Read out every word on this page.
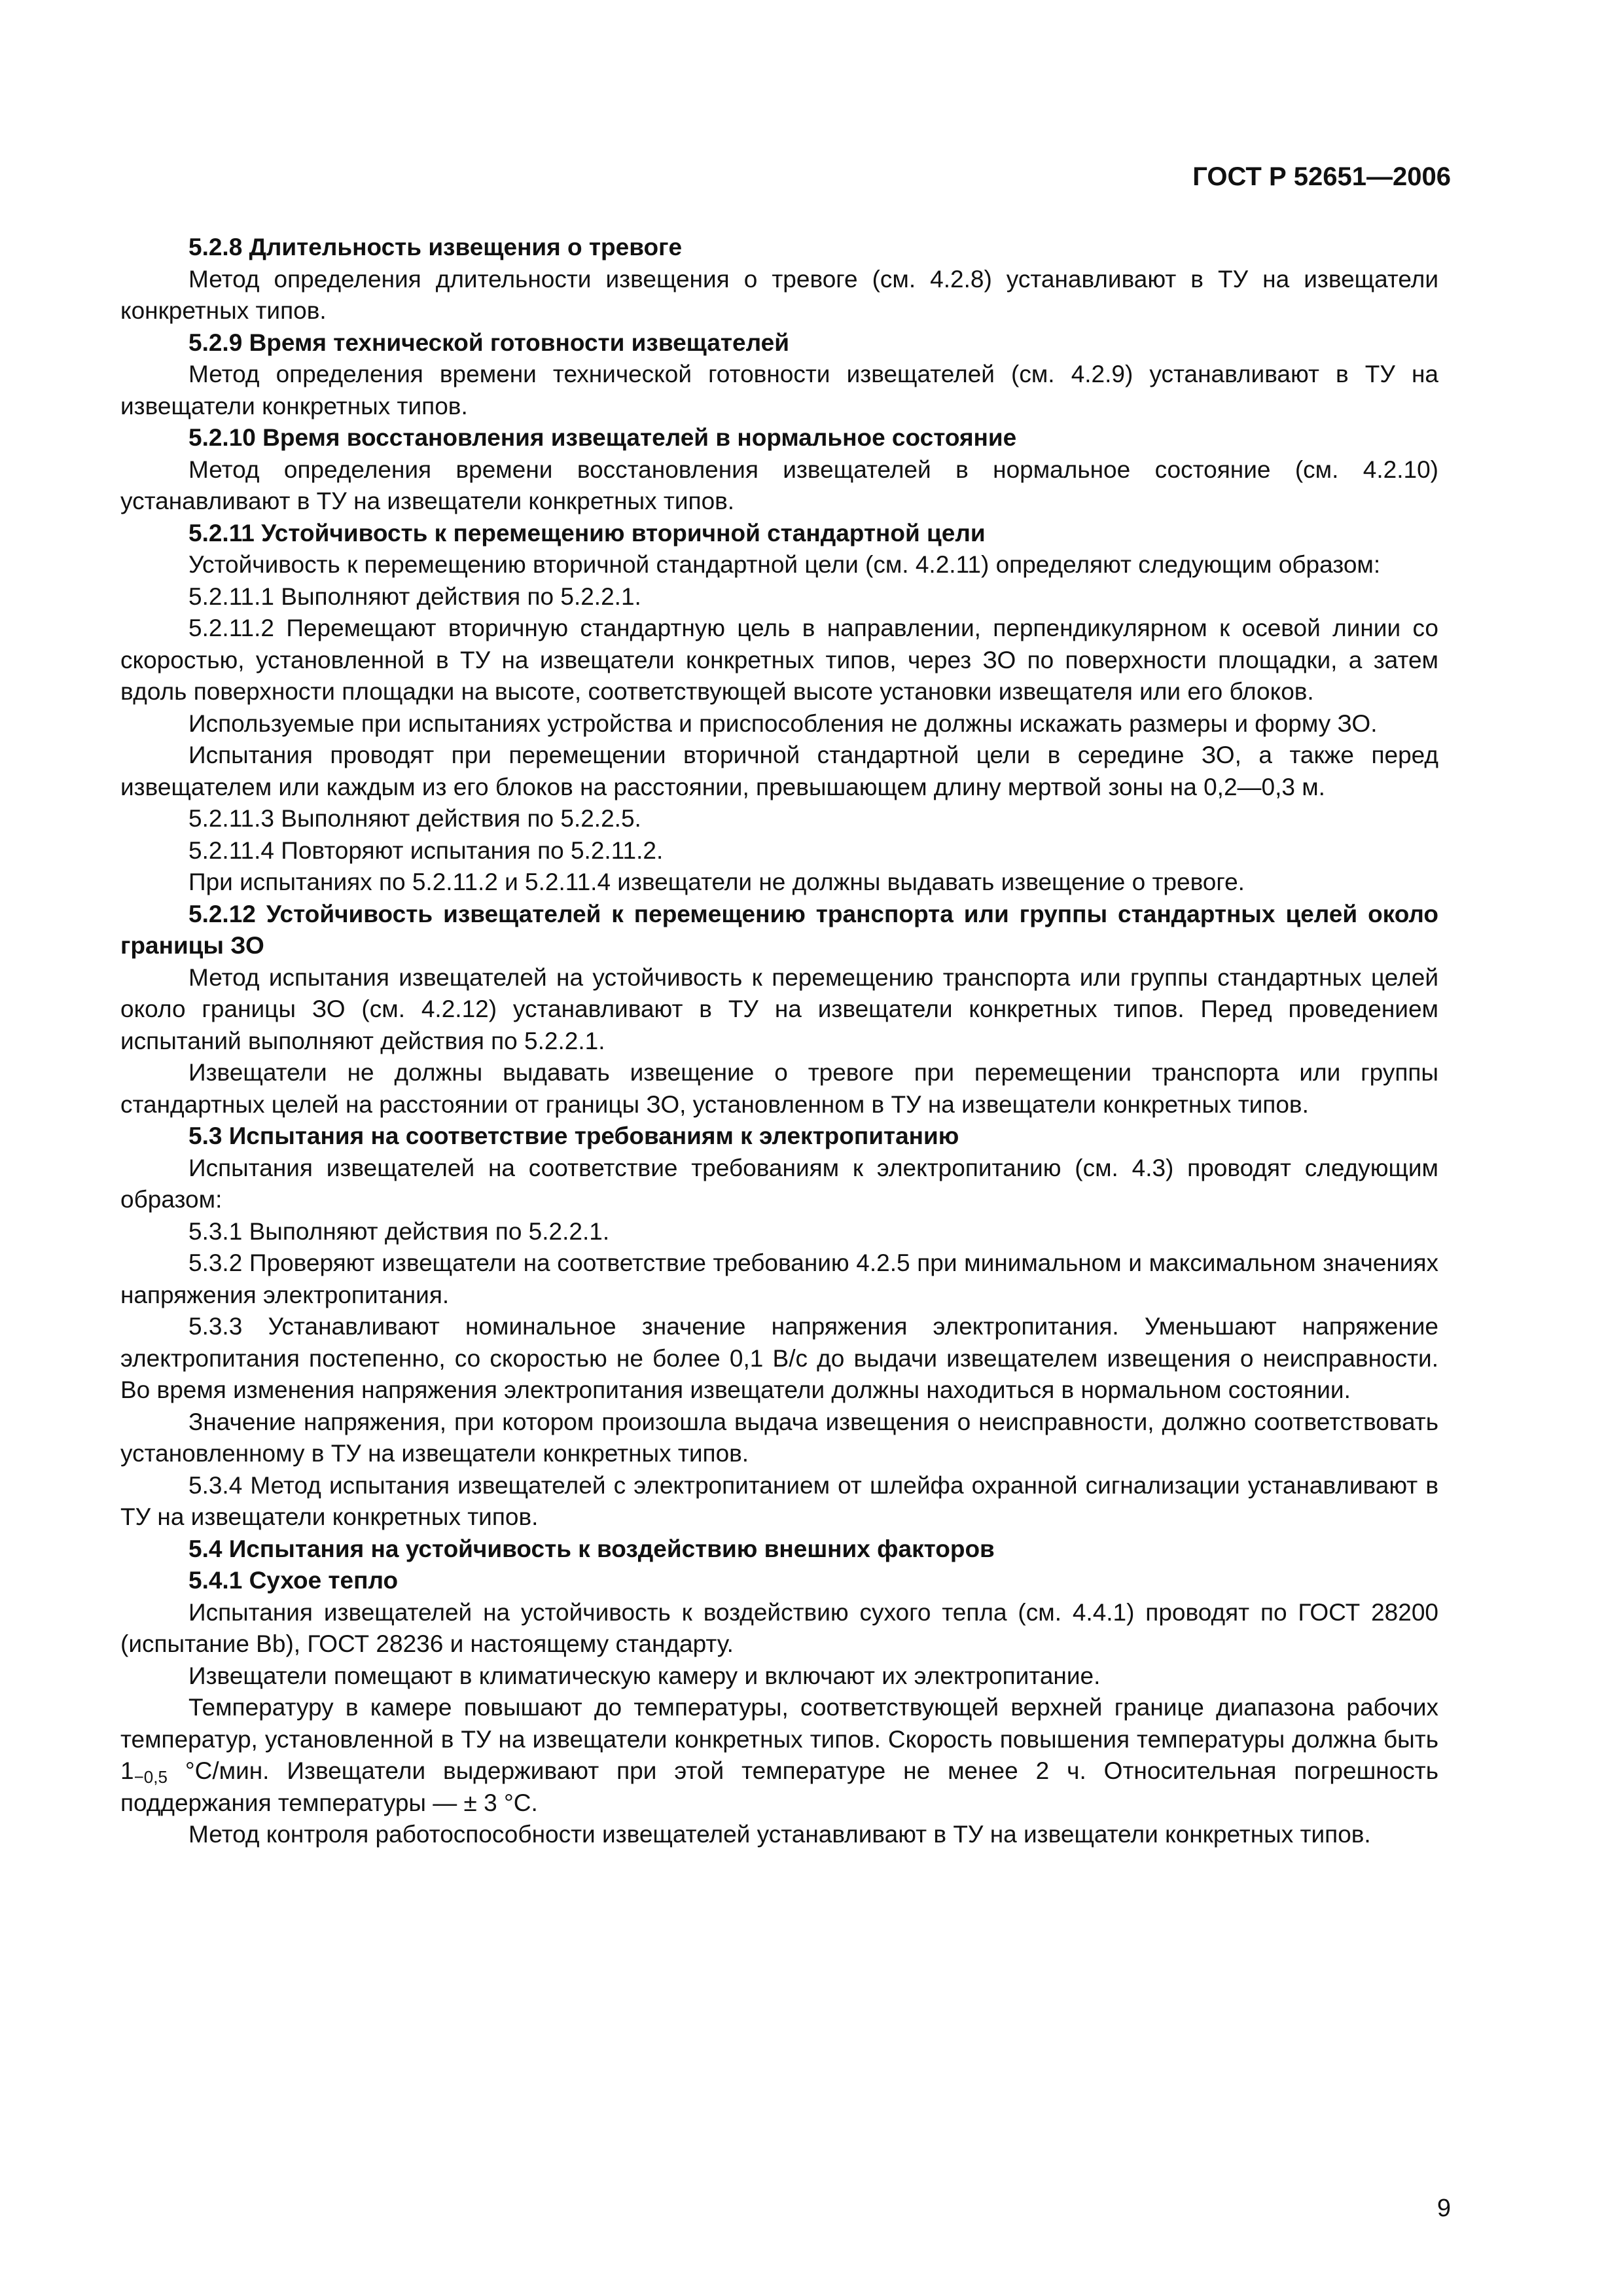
ГОСТ Р 52651—2006

5.2.8 Длительность извещения о тревоге

Метод определения длительности извещения о тревоге (см. 4.2.8) устанавливают в ТУ на извещатели конкретных типов.

5.2.9 Время технической готовности извещателей

Метод определения времени технической готовности извещателей (см. 4.2.9) устанавливают в ТУ на извещатели конкретных типов.

5.2.10 Время восстановления извещателей в нормальное состояние

Метод определения времени восстановления извещателей в нормальное состояние (см. 4.2.10) устанавливают в ТУ на извещатели конкретных типов.

5.2.11 Устойчивость к перемещению вторичной стандартной цели

Устойчивость к перемещению вторичной стандартной цели (см. 4.2.11) определяют следующим образом:

5.2.11.1 Выполняют действия по 5.2.2.1.

5.2.11.2 Перемещают вторичную стандартную цель в направлении, перпендикулярном к осевой линии со скоростью, установленной в ТУ на извещатели конкретных типов, через ЗО по поверхности площадки, а затем вдоль поверхности площадки на высоте, соответствующей высоте установки извещателя или его блоков.

Используемые при испытаниях устройства и приспособления не должны искажать размеры и форму ЗО.

Испытания проводят при перемещении вторичной стандартной цели в середине ЗО, а также перед извещателем или каждым из его блоков на расстоянии, превышающем длину мертвой зоны на 0,2—0,3 м.

5.2.11.3 Выполняют действия по 5.2.2.5.

5.2.11.4 Повторяют испытания по 5.2.11.2.

При испытаниях по 5.2.11.2 и 5.2.11.4 извещатели не должны выдавать извещение о тревоге.

5.2.12 Устойчивость извещателей к перемещению транспорта или группы стандартных целей около границы ЗО

Метод испытания извещателей на устойчивость к перемещению транспорта или группы стандартных целей около границы ЗО (см. 4.2.12) устанавливают в ТУ на извещатели конкретных типов. Перед проведением испытаний выполняют действия по 5.2.2.1.

Извещатели не должны выдавать извещение о тревоге при перемещении транспорта или группы стандартных целей на расстоянии от границы ЗО, установленном в ТУ на извещатели конкретных типов.

5.3 Испытания на соответствие требованиям к электропитанию

Испытания извещателей на соответствие требованиям к электропитанию (см. 4.3) проводят следующим образом:

5.3.1 Выполняют действия по 5.2.2.1.

5.3.2 Проверяют извещатели на соответствие требованию 4.2.5 при минимальном и максимальном значениях напряжения электропитания.

5.3.3 Устанавливают номинальное значение напряжения электропитания. Уменьшают напряжение электропитания постепенно, со скоростью не более 0,1 В/с до выдачи извещателем извещения о неисправности. Во время изменения напряжения электропитания извещатели должны находиться в нормальном состоянии.

Значение напряжения, при котором произошла выдача извещения о неисправности, должно соответствовать установленному в ТУ на извещатели конкретных типов.

5.3.4 Метод испытания извещателей с электропитанием от шлейфа охранной сигнализации устанавливают в ТУ на извещатели конкретных типов.

5.4 Испытания на устойчивость к воздействию внешних факторов

5.4.1 Сухое тепло

Испытания извещателей на устойчивость к воздействию сухого тепла (см. 4.4.1) проводят по ГОСТ 28200 (испытание Bb), ГОСТ 28236 и настоящему стандарту.

Извещатели помещают в климатическую камеру и включают их электропитание.

Температуру в камере повышают до температуры, соответствующей верхней границе диапазона рабочих температур, установленной в ТУ на извещатели конкретных типов. Скорость повышения температуры должна быть $1_{-0,5}$ °С/мин. Извещатели выдерживают при этой температуре не менее 2 ч. Относительная погрешность поддержания температуры — ± 3 °С.

Метод контроля работоспособности извещателей устанавливают в ТУ на извещатели конкретных типов.

9
